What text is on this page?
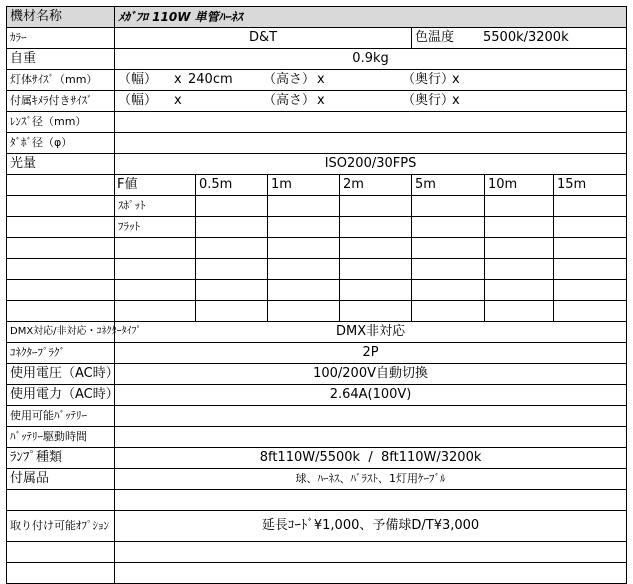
機材名称	ﾒｶﾞﾌﾛ 110W 単管ﾊｰﾈｽ						
ｶﾗｰ	D&T				色温度 5500k/3200k		
自重	0.9kg						
灯体ｻｲｽﾞ（mm）	（幅） x 240cm （高さ） x （奥行）x						
付属ｷﾒﾗ付きｻｲｽﾞ	（幅） x （高さ） x （奥行）x						
ﾚﾝｽﾞ径（mm）							
ﾀﾞﾎﾞ径（φ）							
光量	ISO200/30FPS						
	F値	0.5m	1m	2m	5m	10m	15m
	ｽﾎﾟｯﾄ						
	ﾌﾗｯﾄ						

DMX対応/非対応・ｺﾈｸﾀｰﾀｲﾌﾟ	DMX非対応						
ｺﾈｸﾀｰﾌﾟﾗｸﾞ	2P						
使用電圧（AC時）	100/200V自動切換						
使用電力（AC時）	2.64A(100V)						
使用可能ﾊﾞｯﾃﾘｰ							
ﾊﾞｯﾃﾘｰ駆動時間							
ﾗﾝﾌﾟ種類	8ft110W/5500k  /  8ft110W/3200k						
付属品	球、ﾊｰﾈｽ、ﾊﾞﾗｽﾄ、1灯用ｹｰﾌﾞﾙ						

取り付け可能ｵﾌﾟｼｮﾝ	延長ｺｰﾄﾞ¥1,000、予備球D/T¥3,000						
